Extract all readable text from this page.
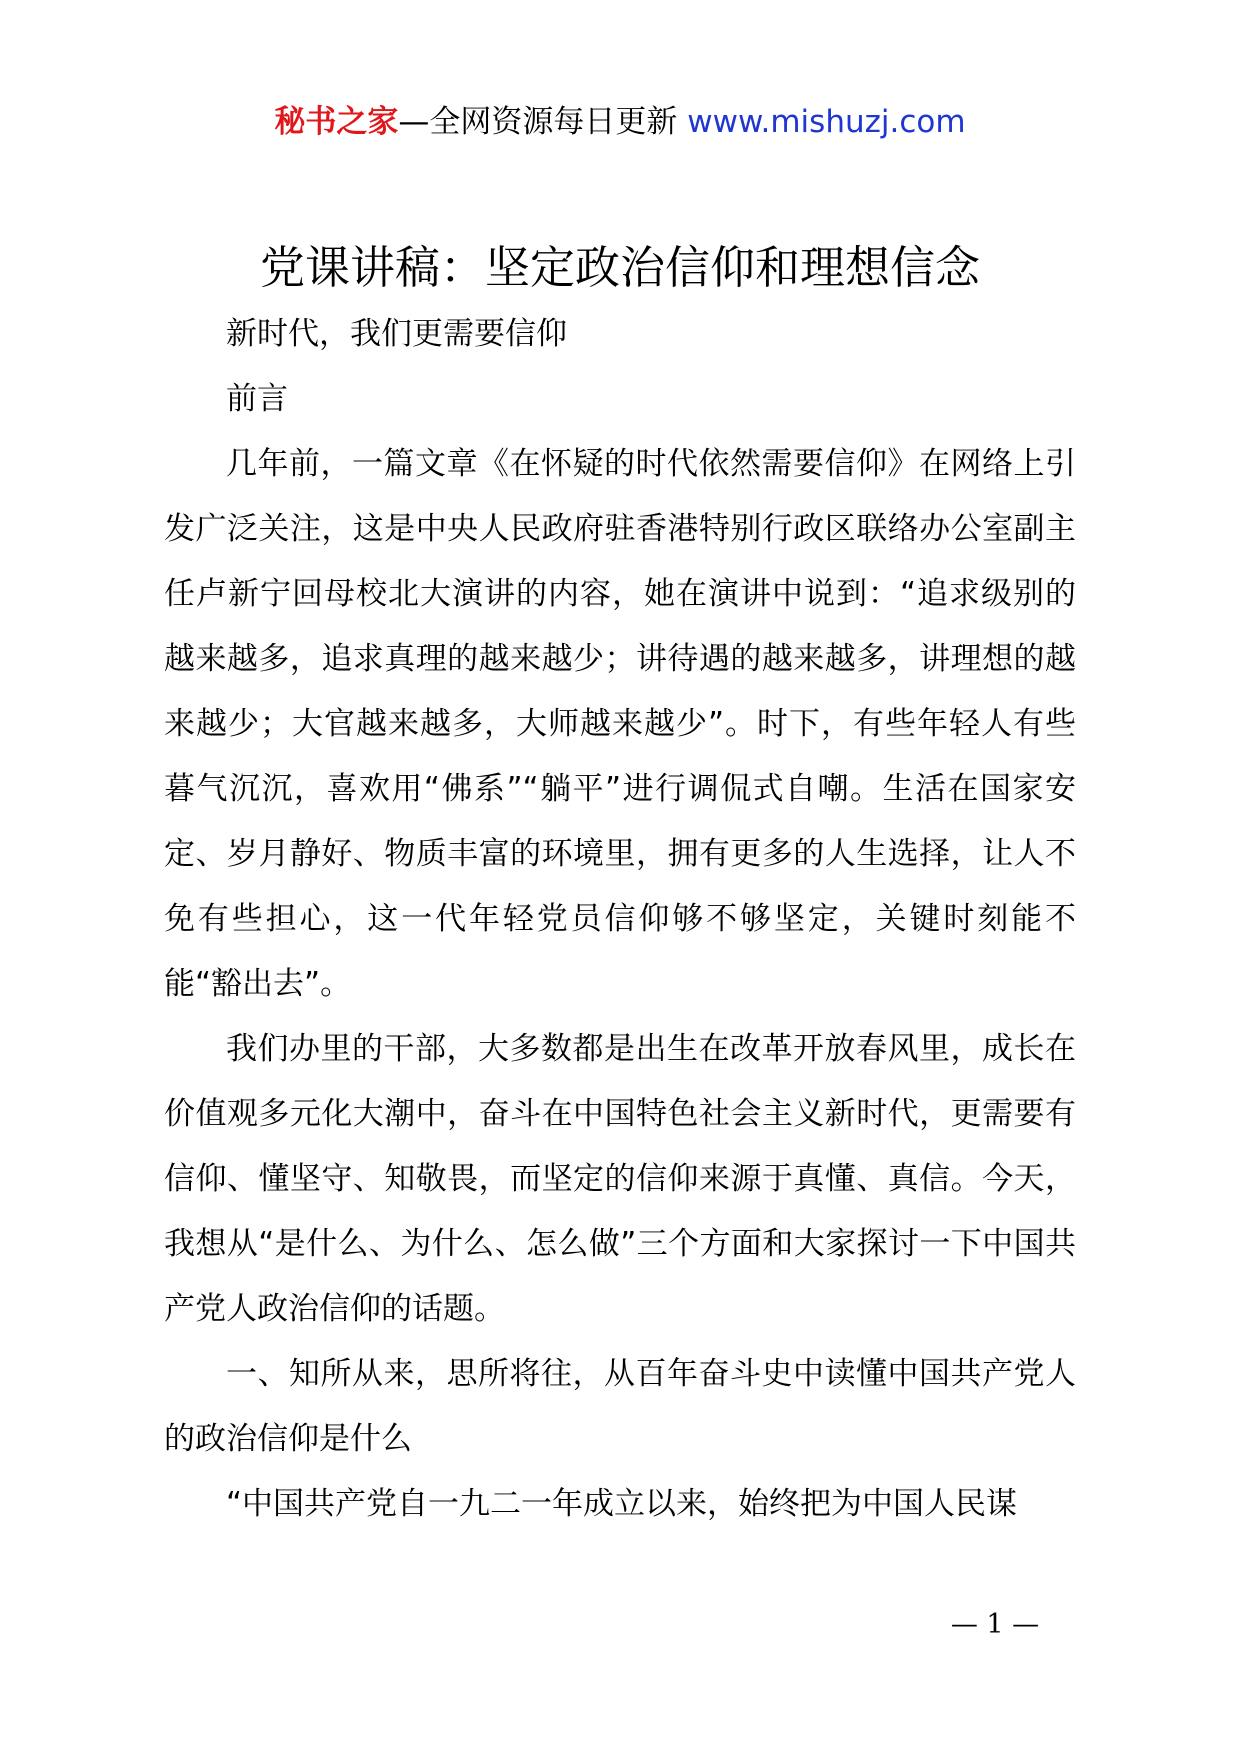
秘书之家—全网资源每日更新 www.mishuzj.com
党课讲稿：坚定政治信仰和理想信念

新时代，我们更需要信仰

前言

几年前，一篇文章《在怀疑的时代依然需要信仰》在网络上引发广泛关注，这是中央人民政府驻香港特别行政区联络办公室副主任卢新宁回母校北大演讲的内容，她在演讲中说到：“追求级别的越来越多，追求真理的越来越少；讲待遇的越来越多，讲理想的越来越少；大官越来越多，大师越来越少”。时下，有些年轻人有些暮气沉沉，喜欢用“佛系”“躺平”进行调侃式自嘲。生活在国家安定、岁月静好、物质丰富的环境里，拥有更多的人生选择，让人不免有些担心，这一代年轻党员信仰够不够坚定，关键时刻能不能“豁出去”。

我们办里的干部，大多数都是出生在改革开放春风里，成长在价值观多元化大潮中，奋斗在中国特色社会主义新时代，更需要有信仰、懂坚守、知敬畏，而坚定的信仰来源于真懂、真信。今天，我想从“是什么、为什么、怎么做”三个方面和大家探讨一下中国共产党人政治信仰的话题。

一、知所从来，思所将往，从百年奋斗史中读懂中国共产党人的政治信仰是什么

“中国共产党自一九二一年成立以来，始终把为中国人民谋

— 1 —
